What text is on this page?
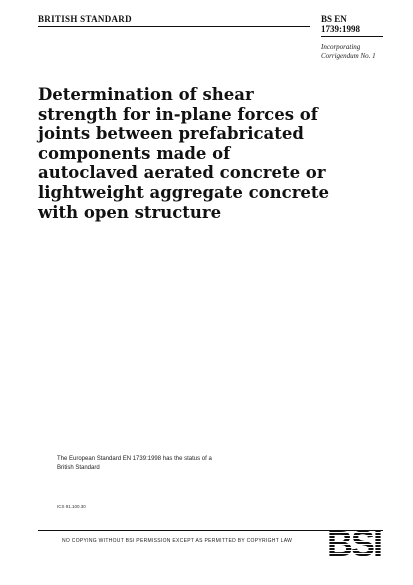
BRITISH STANDARD	BS EN
1739:1998
Incorporating
Corrigendum No. 1
Determination of shear
strength for in-plane forces of
joints between prefabricated
components made of
autoclaved aerated concrete or
lightweight aggregate concrete
with open structure
The European Standard EN 1739:1998 has the status of a
British Standard
ICS 91.100.30
NO COPYING WITHOUT BSI PERMISSION EXCEPT AS PERMITTED BY COPYRIGHT LAW BSI
